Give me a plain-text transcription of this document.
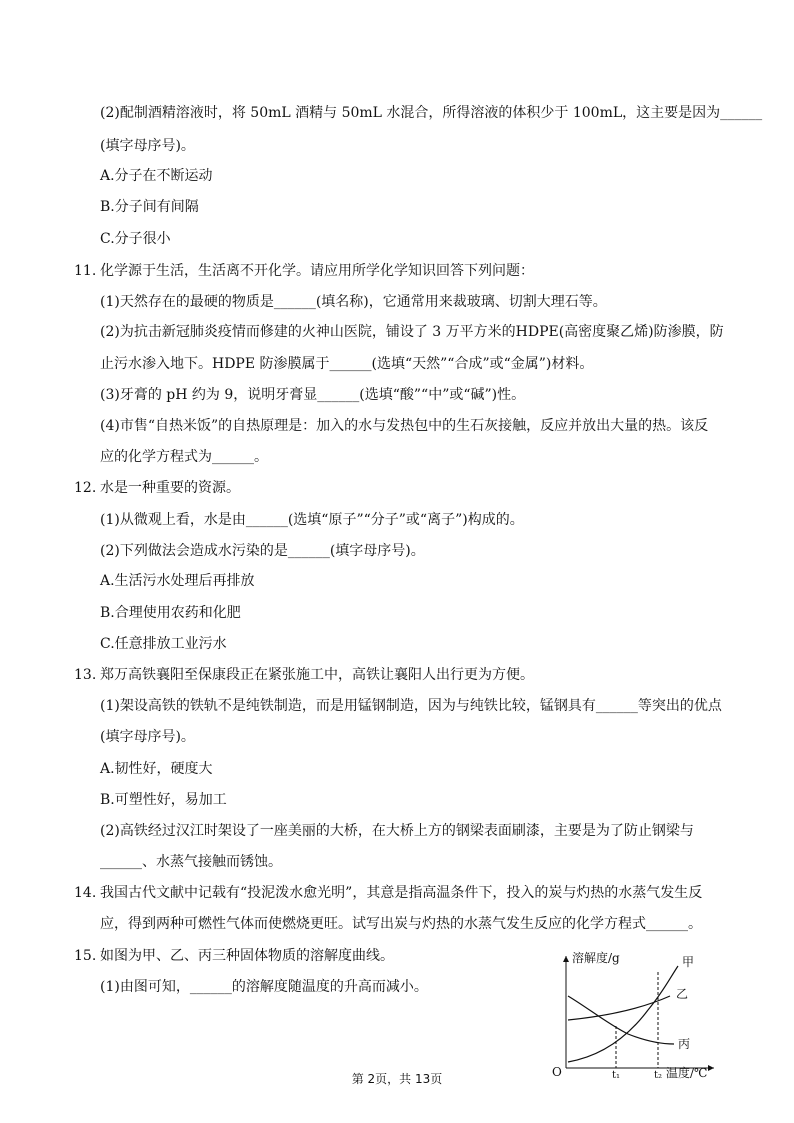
(2)配制酒精溶液时，将 50mL 酒精与 50mL 水混合，所得溶液的体积少于 100mL，这主要是因为______
(填字母序号)。
A.分子在不断运动
B.分子间有间隔
C.分子很小
11. 化学源于生活，生活离不开化学。请应用所学化学知识回答下列问题：
(1)天然存在的最硬的物质是______(填名称)，它通常用来裁玻璃、切割大理石等。
(2)为抗击新冠肺炎疫情而修建的火神山医院，铺设了 3 万平方米的HDPE(高密度聚乙烯)防渗膜，防
止污水渗入地下。HDPE 防渗膜属于______(选填“天然”“合成”或“金属”)材料。
(3)牙膏的 pH 约为 9，说明牙膏显______(选填“酸”“中”或“碱”)性。
(4)市售“自热米饭”的自热原理是：加入的水与发热包中的生石灰接触，反应并放出大量的热。该反
应的化学方程式为______。
12. 水是一种重要的资源。
(1)从微观上看，水是由______(选填“原子”“分子”或“离子”)构成的。
(2)下列做法会造成水污染的是______(填字母序号)。
A.生活污水处理后再排放
B.合理使用农药和化肥
C.任意排放工业污水
13. 郑万高铁襄阳至保康段正在紧张施工中，高铁让襄阳人出行更为方便。
(1)架设高铁的铁轨不是纯铁制造，而是用锰钢制造，因为与纯铁比较，锰钢具有______等突出的优点
(填字母序号)。
A.韧性好，硬度大
B.可塑性好，易加工
(2)高铁经过汉江时架设了一座美丽的大桥，在大桥上方的钢梁表面刷漆，主要是为了防止钢梁与
______、水蒸气接触而锈蚀。
14. 我国古代文献中记载有“投泥泼水愈光明”，其意是指高温条件下，投入的炭与灼热的水蒸气发生反
应，得到两种可燃性气体而使燃烧更旺。试写出炭与灼热的水蒸气发生反应的化学方程式______。
15. 如图为甲、乙、丙三种固体物质的溶解度曲线。
(1)由图可知，______的溶解度随温度的升高而减小。
溶解度/g
O	温度/℃
甲
乙
丙
t₁	t₂
第 2页，共 13页
